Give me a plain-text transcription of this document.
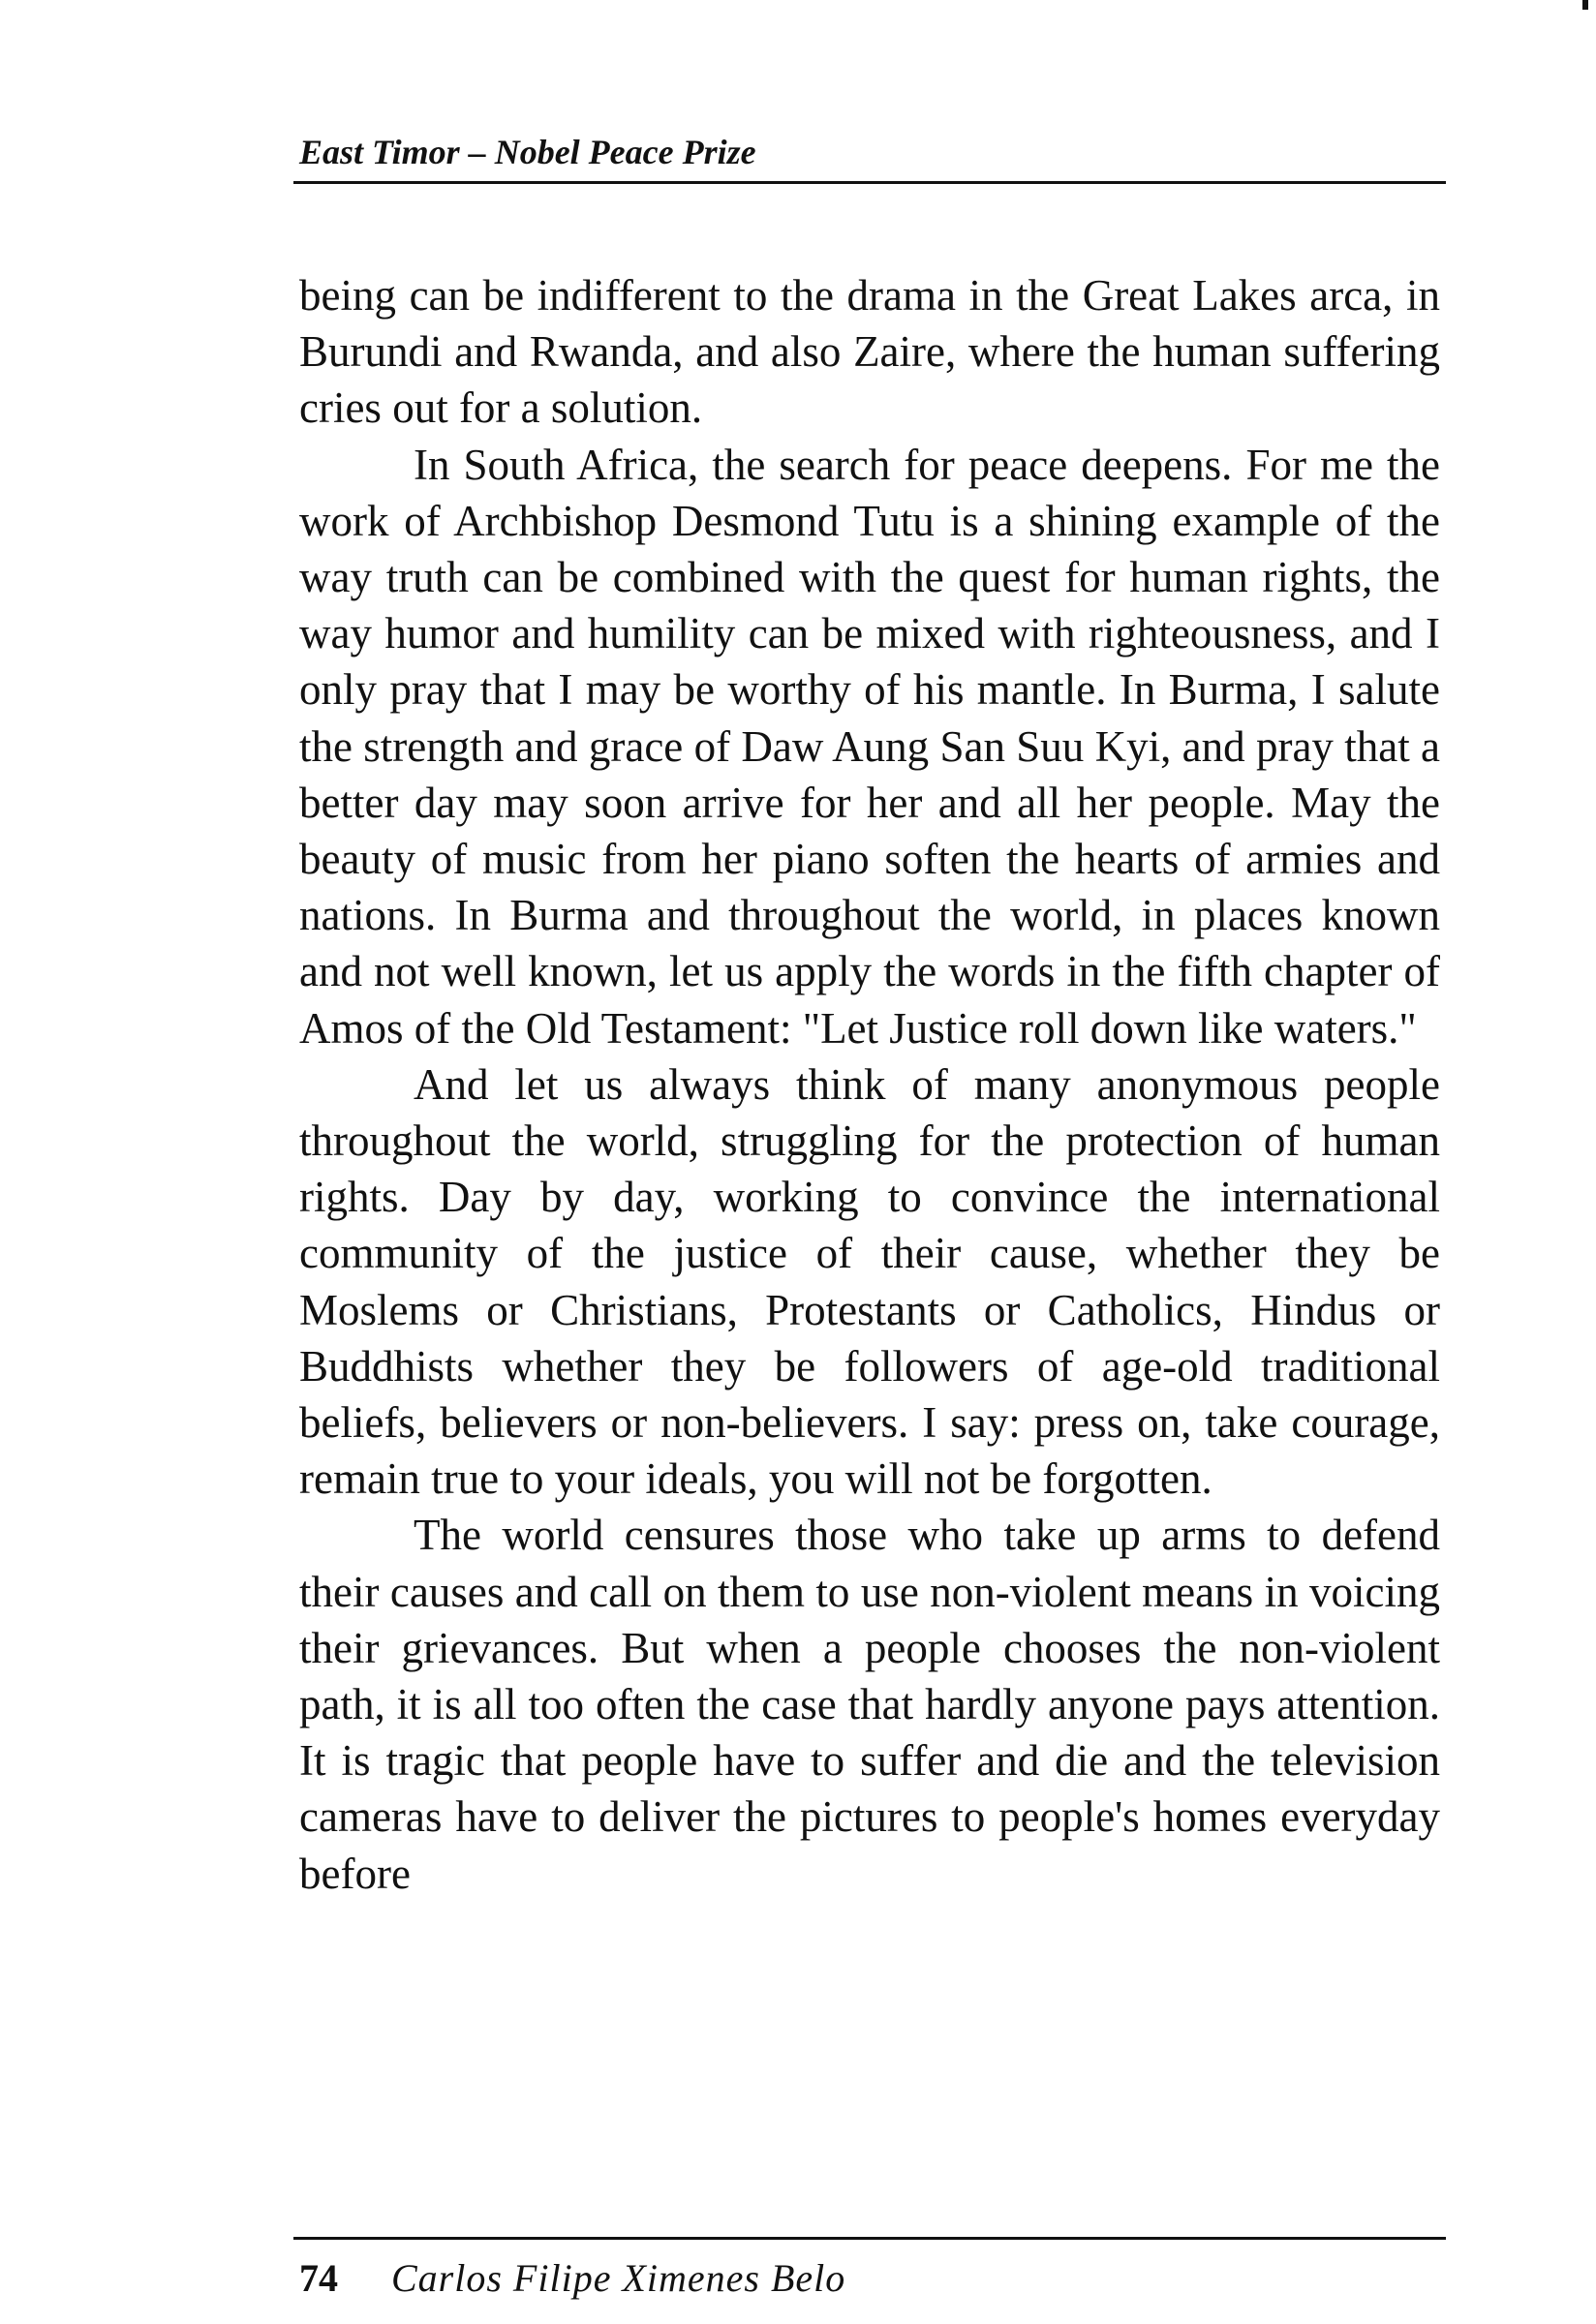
East Timor – Nobel Peace Prize

being can be indifferent to the drama in the Great Lakes arca, in Burundi and Rwanda, and also Zaire, where the human suffering cries out for a solution.

In South Africa, the search for peace deepens. For me the work of Archbishop Desmond Tutu is a shining example of the way truth can be combined with the quest for human rights, the way humor and humility can be mixed with righteousness, and I only pray that I may be worthy of his mantle. In Burma, I salute the strength and grace of Daw Aung San Suu Kyi, and pray that a better day may soon arrive for her and all her people. May the beauty of music from her piano soften the hearts of armies and nations. In Burma and throughout the world, in places known and not well known, let us apply the words in the fifth chapter of Amos of the Old Testament: "Let Justice roll down like waters."

And let us always think of many anonymous people throughout the world, struggling for the protection of human rights. Day by day, working to convince the international community of the justice of their cause, whether they be Moslems or Christians, Protestants or Catholics, Hindus or Buddhists whether they be followers of age-old traditional beliefs, believers or non-believers. I say: press on, take courage, remain true to your ideals, you will not be forgotten.

The world censures those who take up arms to defend their causes and call on them to use non-violent means in voicing their grievances. But when a people chooses the non-violent path, it is all too often the case that hardly anyone pays attention. It is tragic that people have to suffer and die and the television cameras have to deliver the pictures to people's homes everyday before

74 Carlos Filipe Ximenes Belo
